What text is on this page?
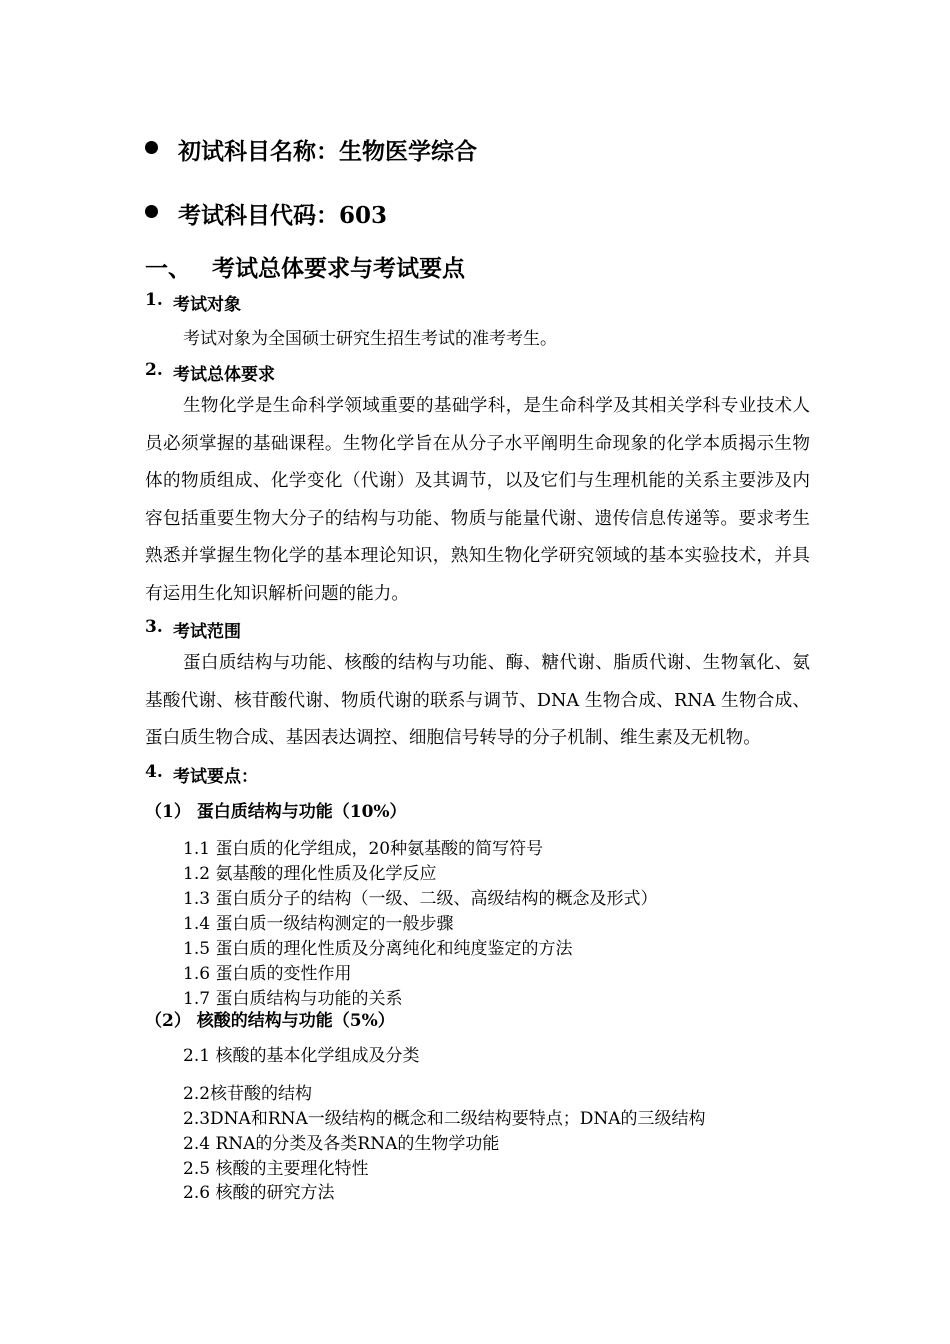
初试科目名称：生物医学综合
考试科目代码：603
一、 考试总体要求与考试要点
1. 考试对象
考试对象为全国硕士研究生招生考试的准考考生。
2. 考试总体要求
生物化学是生命科学领域重要的基础学科，是生命科学及其相关学科专业技术人员必须掌握的基础课程。生物化学旨在从分子水平阐明生命现象的化学本质揭示生物体的物质组成、化学变化（代谢）及其调节，以及它们与生理机能的关系主要涉及内容包括重要生物大分子的结构与功能、物质与能量代谢、遗传信息传递等。要求考生熟悉并掌握生物化学的基本理论知识，熟知生物化学研究领域的基本实验技术，并具有运用生化知识解析问题的能力。
3. 考试范围
蛋白质结构与功能、核酸的结构与功能、酶、糖代谢、脂质代谢、生物氧化、氨基酸代谢、核苷酸代谢、物质代谢的联系与调节、DNA 生物合成、RNA 生物合成、蛋白质生物合成、基因表达调控、细胞信号转导的分子机制、维生素及无机物。
4. 考试要点：
（1） 蛋白质结构与功能（10%）
1.1 蛋白质的化学组成，20种氨基酸的简写符号
1.2 氨基酸的理化性质及化学反应
1.3 蛋白质分子的结构（一级、二级、高级结构的概念及形式）
1.4 蛋白质一级结构测定的一般步骤
1.5 蛋白质的理化性质及分离纯化和纯度鉴定的方法
1.6 蛋白质的变性作用
1.7 蛋白质结构与功能的关系
（2） 核酸的结构与功能（5%）
2.1 核酸的基本化学组成及分类
2.2核苷酸的结构
2.3DNA和RNA一级结构的概念和二级结构要特点；DNA的三级结构
2.4 RNA的分类及各类RNA的生物学功能
2.5 核酸的主要理化特性
2.6 核酸的研究方法
